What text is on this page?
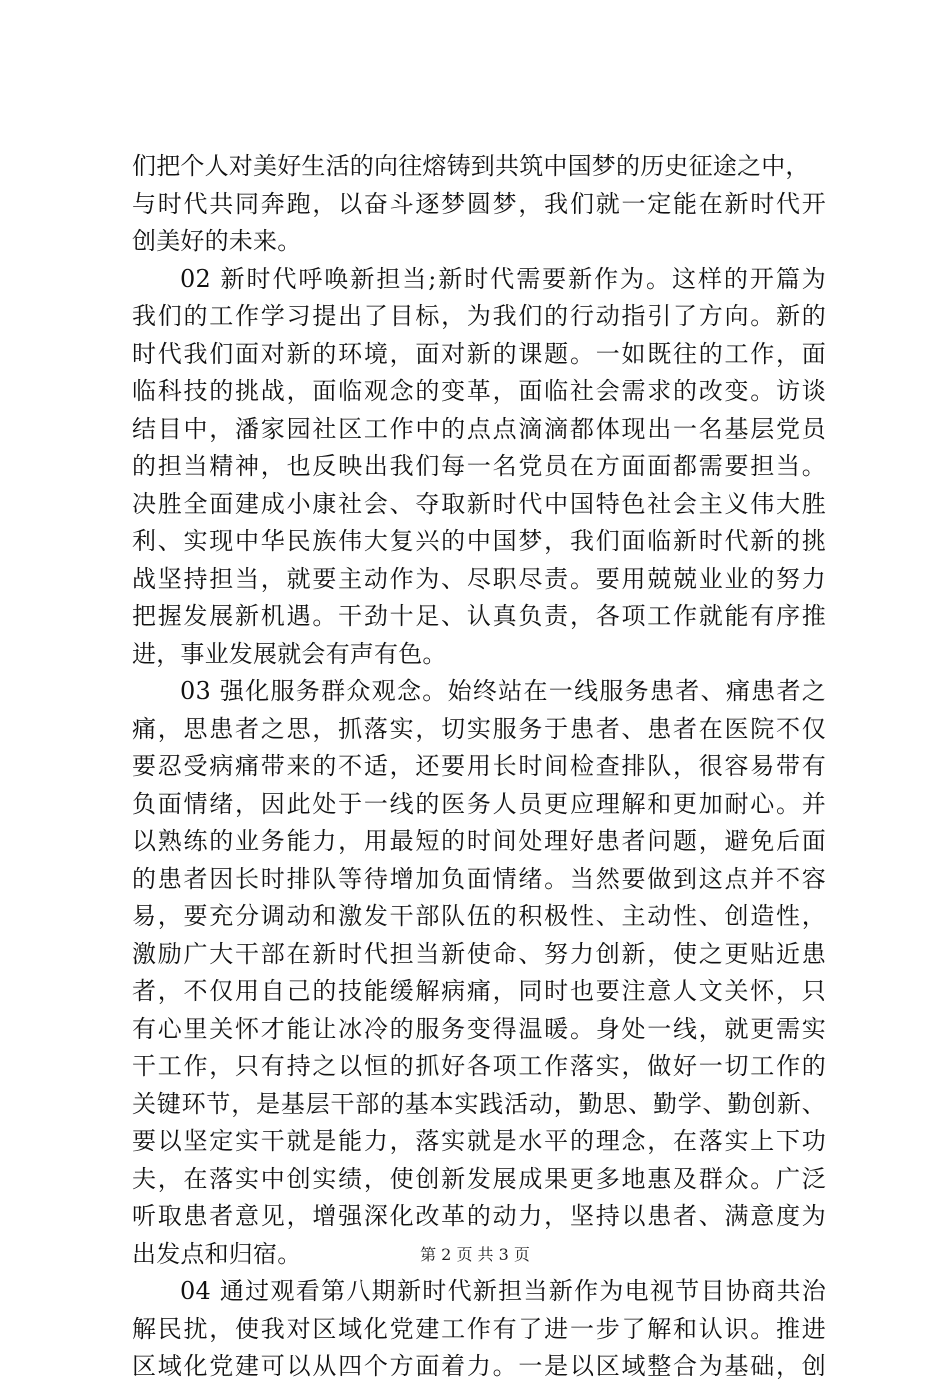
们把个人对美好生活的向往熔铸到共筑中国梦的历史征途之中，
与时代共同奔跑，以奋斗逐梦圆梦，我们就一定能在新时代开
创美好的未来。
02 新时代呼唤新担当;新时代需要新作为。这样的开篇为
我们的工作学习提出了目标，为我们的行动指引了方向。新的
时代我们面对新的环境，面对新的课题。一如既往的工作，面
临科技的挑战，面临观念的变革，面临社会需求的改变。访谈
结目中，潘家园社区工作中的点点滴滴都体现出一名基层党员
的担当精神，也反映出我们每一名党员在方面面都需要担当。
决胜全面建成小康社会、夺取新时代中国特色社会主义伟大胜
利、实现中华民族伟大复兴的中国梦，我们面临新时代新的挑
战坚持担当，就要主动作为、尽职尽责。要用兢兢业业的努力
把握发展新机遇。干劲十足、认真负责，各项工作就能有序推
进，事业发展就会有声有色。
03 强化服务群众观念。始终站在一线服务患者、痛患者之
痛，思患者之思，抓落实，切实服务于患者、患者在医院不仅
要忍受病痛带来的不适，还要用长时间检查排队，很容易带有
负面情绪，因此处于一线的医务人员更应理解和更加耐心。并
以熟练的业务能力，用最短的时间处理好患者问题，避免后面
的患者因长时排队等待增加负面情绪。当然要做到这点并不容
易，要充分调动和激发干部队伍的积极性、主动性、创造性，
激励广大干部在新时代担当新使命、努力创新，使之更贴近患
者，不仅用自己的技能缓解病痛，同时也要注意人文关怀，只
有心里关怀才能让冰冷的服务变得温暖。身处一线，就更需实
干工作，只有持之以恒的抓好各项工作落实，做好一切工作的
关键环节，是基层干部的基本实践活动，勤思、勤学、勤创新、
要以坚定实干就是能力，落实就是水平的理念，在落实上下功
夫，在落实中创实绩，使创新发展成果更多地惠及群众。广泛
听取患者意见，增强深化改革的动力，坚持以患者、满意度为
出发点和归宿。
04 通过观看第八期新时代新担当新作为电视节目协商共治
解民扰，使我对区域化党建工作有了进一步了解和认识。推进
区域化党建可以从四个方面着力。一是以区域整合为基础，创
第 2 页 共 3 页
